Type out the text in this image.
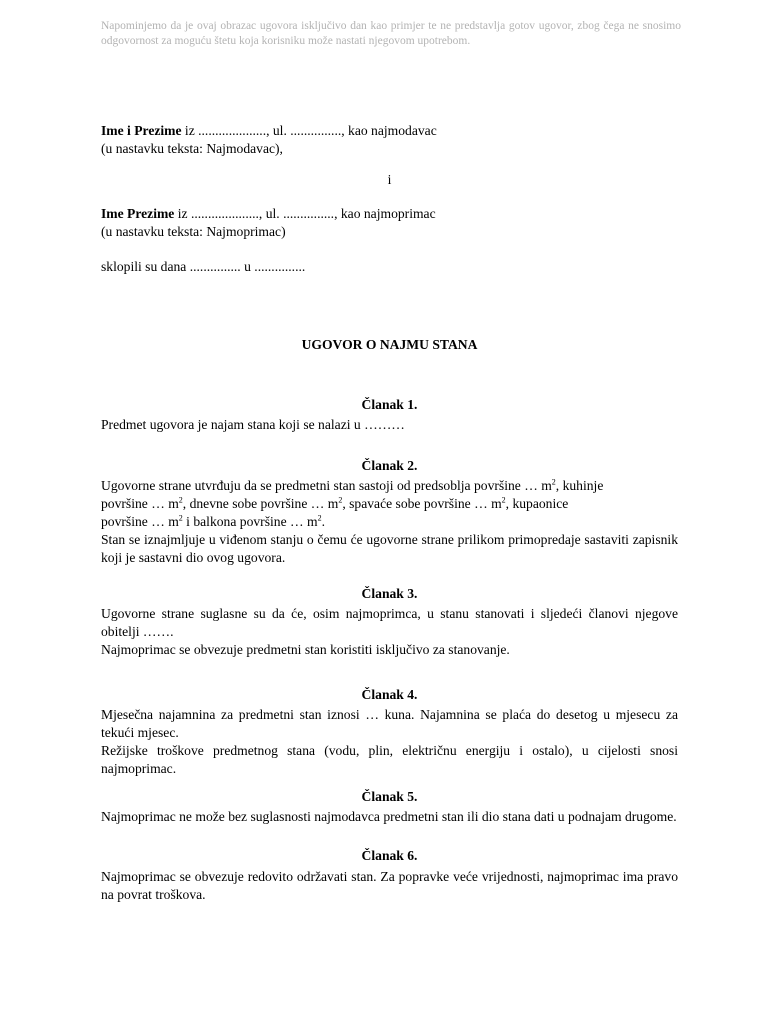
Napominjemo da je ovaj obrazac ugovora isključivo dan kao primjer te ne predstavlja gotov ugovor, zbog čega ne snosimo odgovornost za moguću štetu koja korisniku može nastati njegovom upotrebom.

Ime i Prezime iz ...................., ul. ..............., kao najmodavac

(u nastavku teksta: Najmodavac),

i

Ime Prezime iz ...................., ul. ..............., kao najmoprimac

(u nastavku teksta: Najmoprimac)

sklopili su dana ............... u ...............
UGOVOR O NAJMU STANA
Članak 1.
Predmet ugovora je najam stana koji se nalazi u ………
Članak 2.

Ugovorne strane utvrđuju da se predmetni stan sastoji od predsoblja površine … $m^2$, kuhinje

površine … $m^2$, dnevne sobe površine … $m^2$, spavaće sobe površine … $m^2$, kupaonice

površine … $m^2$ i balkona površine … $m^2$.

Stan se iznajmljuje u viđenom stanju o čemu će ugovorne strane prilikom primopredaje sastaviti zapisnik koji je sastavni dio ovog ugovora.

Članak 3.

Ugovorne strane suglasne su da će, osim najmoprimca, u stanu stanovati i sljedeći članovi njegove obitelji …….

Najmoprimac se obvezuje predmetni stan koristiti isključivo za stanovanje.

Članak 4.

Mjesečna najamnina za predmetni stan iznosi … kuna. Najamnina se plaća do desetog u mjesecu za tekući mjesec.

Režijske troškove predmetnog stana (vodu, plin, električnu energiju i ostalo), u cijelosti snosi najmoprimac.

Članak 5.
Najmoprimac ne može bez suglasnosti najmodavca predmetni stan ili dio stana dati u podnajam drugome.
Članak 6.
Najmoprimac se obvezuje redovito održavati stan. Za popravke veće vrijednosti, najmoprimac ima pravo na povrat troškova.
